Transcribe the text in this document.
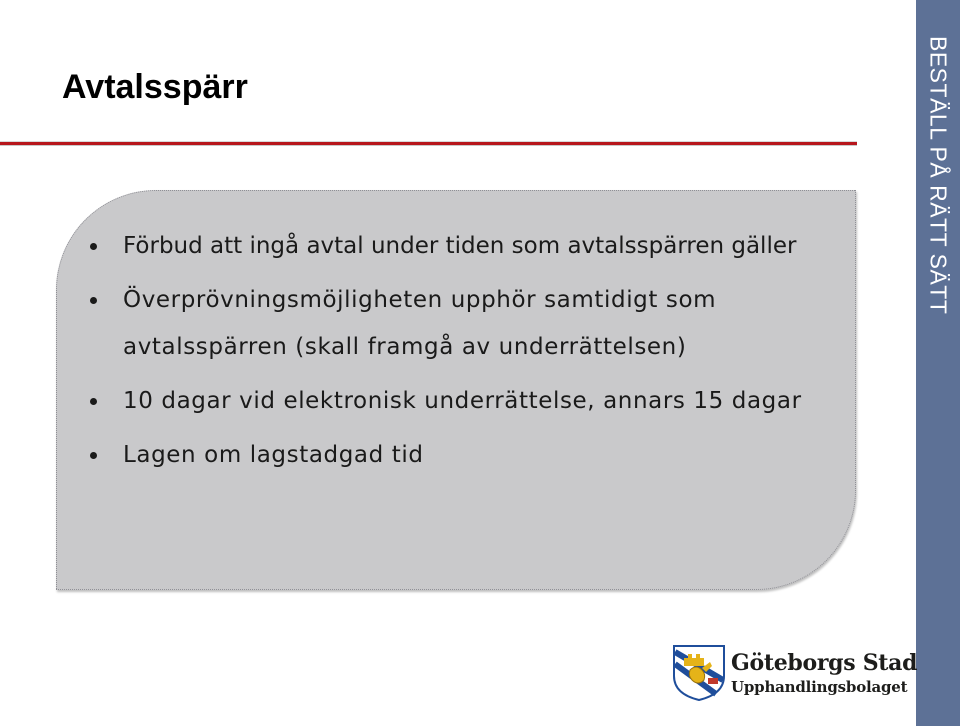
Avtalsspärr
Förbud att ingå avtal under tiden som avtalsspärren gäller
Överprövningsmöjligheten upphör samtidigt som avtalsspärren (skall framgå av underrättelsen)
10 dagar vid elektronisk underrättelse, annars 15 dagar
Lagen om lagstadgad tid
BESTÄLL PÅ RÄTT SÄTT
Göteborgs Stad
Upphandlingsbolaget
